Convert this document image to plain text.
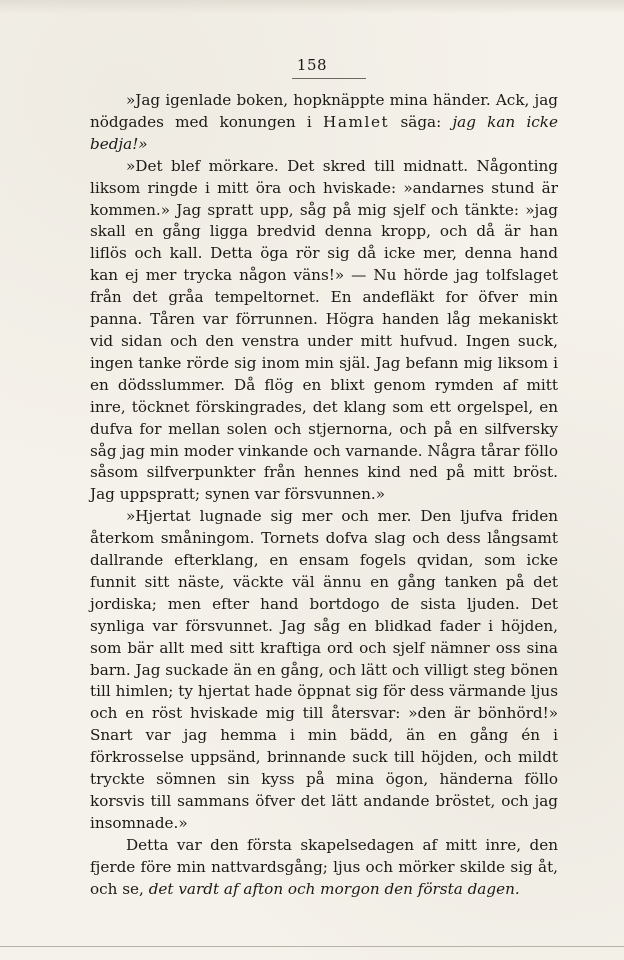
158

»Jag igenlade boken, hopknäppte mina händer. Ack, jag nödgades med konungen i Hamlet säga: jag kan icke bedja!»

»Det blef mörkare. Det skred till midnatt. Någonting liksom ringde i mitt öra och hviskade: »andarnes stund är kommen.» Jag spratt upp, såg på mig sjelf och tänkte: »jag skall en gång ligga bredvid denna kropp, och då är han liflös och kall. Detta öga rör sig då icke mer, denna hand kan ej mer trycka någon väns!» — Nu hörde jag tolfslaget från det gråa tempeltornet. En andefläkt for öfver min panna. Tåren var förrunnen. Högra handen låg mekaniskt vid sidan och den venstra under mitt hufvud. Ingen suck, ingen tanke rörde sig inom min själ. Jag befann mig liksom i en dödsslummer. Då flög en blixt genom rymden af mitt inre, töcknet förskingrades, det klang som ett orgelspel, en dufva for mellan solen och stjernorna, och på en silfversky såg jag min moder vinkande och varnande. Några tårar föllo såsom silfverpunkter från hennes kind ned på mitt bröst. Jag uppspratt; synen var försvunnen.»

»Hjertat lugnade sig mer och mer. Den ljufva friden återkom småningom. Tornets dofva slag och dess långsamt dallrande efterklang, en ensam fogels qvidan, som icke funnit sitt näste, väckte väl ännu en gång tanken på det jordiska; men efter hand bortdogo de sista ljuden. Det synliga var försvunnet. Jag såg en blidkad fader i höjden, som bär allt med sitt kraftiga ord och sjelf nämner oss sina barn. Jag suckade än en gång, och lätt och villigt steg bönen till himlen; ty hjertat hade öppnat sig för dess värmande ljus och en röst hviskade mig till återsvar: »den är bönhörd!» Snart var jag hemma i min bädd, än en gång én i förkrosselse uppsänd, brinnande suck till höjden, och mildt tryckte sömnen sin kyss på mina ögon, händerna föllo korsvis till sammans öfver det lätt andande bröstet, och jag insomnade.»

Detta var den första skapelsedagen af mitt inre, den fjerde före min nattvardsgång; ljus och mörker skilde sig åt, och se, det vardt af afton och morgon den första dagen.
